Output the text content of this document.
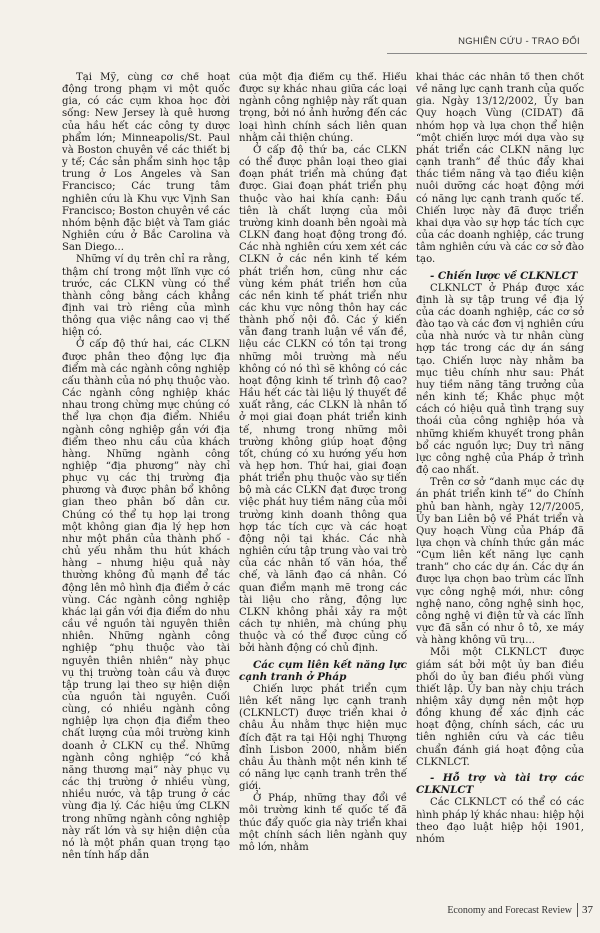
NGHIÊN CỨU - TRAO ĐỔI

Tại Mỹ, cùng cơ chế hoạt động trong phạm vi một quốc gia, có các cụm khoa học đời sống: New Jersey là quê hương của hầu hết các công ty dược phẩm lớn; Minneapolis/St. Paul và Boston chuyên về các thiết bị y tế; Các sản phẩm sinh học tập trung ở Los Angeles và San Francisco; Các trung tâm nghiên cứu là Khu vực Vịnh San Francisco; Boston chuyên về các nhóm bệnh đặc biệt và Tam giác Nghiên cứu ở Bắc Carolina và San Diego...

Những ví dụ trên chỉ ra rằng, thậm chí trong một lĩnh vực có trước, các CLKN vùng có thể thành công bằng cách khẳng định vai trò riêng của mình thông qua việc nâng cao vị thế hiện có.

Ở cấp độ thứ hai, các CLKN được phân theo động lực địa điểm mà các ngành công nghiệp cấu thành của nó phụ thuộc vào. Các ngành công nghiệp khác nhau trong chừng mực chúng có thể lựa chọn địa điểm. Nhiều ngành công nghiệp gắn với địa điểm theo nhu cầu của khách hàng. Những ngành công nghiệp “địa phương” này chỉ phục vụ các thị trường địa phương và được phân bổ không gian theo phân bố dân cư. Chúng có thể tụ họp lại trong một không gian địa lý hẹp hơn như một phần của thành phố - chủ yếu nhằm thu hút khách hàng – nhưng hiệu quả này thường không đủ mạnh để tác động lên mô hình địa điểm ở các vùng. Các ngành công nghiệp khác lại gắn với địa điểm do nhu cầu về nguồn tài nguyên thiên nhiên. Những ngành công nghiệp “phụ thuộc vào tài nguyên thiên nhiên” này phục vụ thị trường toàn cầu và được tập trung lại theo sự hiện diện của nguồn tài nguyên. Cuối cùng, có nhiều ngành công nghiệp lựa chọn địa điểm theo chất lượng của môi trường kinh doanh ở CLKN cụ thể. Những ngành công nghiệp “có khả năng thương mại” này phục vụ các thị trường ở nhiều vùng, nhiều nước, và tập trung ở các vùng địa lý. Các hiệu ứng CLKN trong những ngành công nghiệp này rất lớn và sự hiện diện của nó là một phần quan trọng tạo nên tính hấp dẫn

của một địa điểm cụ thể. Hiểu được sự khác nhau giữa các loại ngành công nghiệp này rất quan trọng, bởi nó ảnh hưởng đến các loại hình chính sách liên quan nhằm cải thiện chúng.

Ở cấp độ thứ ba, các CLKN có thể được phân loại theo giai đoạn phát triển mà chúng đạt được. Giai đoạn phát triển phụ thuộc vào hai khía cạnh: Đầu tiên là chất lượng của môi trường kinh doanh bên ngoài mà CLKN đang hoạt động trong đó. Các nhà nghiên cứu xem xét các CLKN ở các nền kinh tế kém phát triển hơn, cũng như các vùng kém phát triển hơn của các nền kinh tế phát triển như các khu vực nông thôn hay các thành phố nội đô. Các ý kiến vẫn đang tranh luận về vấn đề, liệu các CLKN có tồn tại trong những môi trường mà nếu không có nó thì sẽ không có các hoạt động kinh tế trình độ cao? Hầu hết các tài liệu lý thuyết đề xuất rằng, các CLKN là nhân tố ở mọi giai đoạn phát triển kinh tế, nhưng trong những môi trường không giúp hoạt động tốt, chúng có xu hướng yếu hơn và hẹp hơn. Thứ hai, giai đoạn phát triển phụ thuộc vào sự tiến bộ mà các CLKN đạt được trong việc phát huy tiềm năng của môi trường kinh doanh thông qua hợp tác tích cực và các hoạt động nội tại khác. Các nhà nghiên cứu tập trung vào vai trò của các nhân tố văn hóa, thể chế, và lãnh đạo cá nhân. Có quan điểm mạnh mẽ trong các tài liệu cho rằng, động lực CLKN không phải xảy ra một cách tự nhiên, mà chúng phụ thuộc và có thể được củng cố bởi hành động có chủ định.

Các cụm liên kết năng lực cạnh tranh ở Pháp

Chiến lược phát triển cụm liên kết năng lực cạnh tranh (CLKNLCT) được triển khai ở châu Âu nhằm thực hiện mục đích đặt ra tại Hội nghị Thượng đỉnh Lisbon 2000, nhằm biến châu Âu thành một nền kinh tế có năng lực cạnh tranh trên thế giới.

Ở Pháp, những thay đổi về môi trường kinh tế quốc tế đã thúc đẩy quốc gia này triển khai một chính sách liên ngành quy mô lớn, nhằm

khai thác các nhân tố then chốt về năng lực cạnh tranh của quốc gia. Ngày 13/12/2002, Ủy ban Quy hoạch Vùng (CIDAT) đã nhóm họp và lựa chọn thể hiện “một chiến lược mới dựa vào sự phát triển các CLKN năng lực cạnh tranh” để thúc đẩy khai thác tiềm năng và tạo điều kiện nuôi dưỡng các hoạt động mới có năng lực cạnh tranh quốc tế. Chiến lược này đã được triển khai dựa vào sự hợp tác tích cực của các doanh nghiệp, các trung tâm nghiên cứu và các cơ sở đào tạo.

- Chiến lược về CLKNLCT

CLKNLCT ở Pháp được xác định là sự tập trung về địa lý của các doanh nghiệp, các cơ sở đào tạo và các đơn vị nghiên cứu của nhà nước và tư nhân cùng hợp tác trong các dự án sáng tạo. Chiến lược này nhằm ba mục tiêu chính như sau: Phát huy tiềm năng tăng trưởng của nền kinh tế; Khắc phục một cách có hiệu quả tình trạng suy thoái của công nghiệp hóa và những khiếm khuyết trong phân bổ các nguồn lực; Duy trì năng lực công nghệ của Pháp ở trình độ cao nhất.

Trên cơ sở “danh mục các dự án phát triển kinh tế” do Chính phủ ban hành, ngày 12/7/2005, Ủy ban Liên bộ về Phát triển và Quy hoạch Vùng của Pháp đã lựa chọn và chính thức gắn mác “Cụm liên kết năng lực cạnh tranh” cho các dự án. Các dự án được lựa chọn bao trùm các lĩnh vực công nghệ mới, như: công nghệ nano, công nghệ sinh học, công nghệ vi điện tử và các lĩnh vực đã sẵn có như ô tô, xe máy và hàng không vũ trụ...

Mỗi một CLKNLCT được giám sát bởi một ủy ban điều phối do ủy ban điều phối vùng thiết lập. Ủy ban này chịu trách nhiệm xây dựng nên một hợp đồng khung để xác định các hoạt động, chính sách, các ưu tiên nghiên cứu và các tiêu chuẩn đánh giá hoạt động của CLKNLCT.

- Hỗ trợ và tài trợ các CLKNLCT

Các CLKNLCT có thể có các hình pháp lý khác nhau: hiệp hội theo đạo luật hiệp hội 1901, nhóm

Economy and Forecast Review 37
